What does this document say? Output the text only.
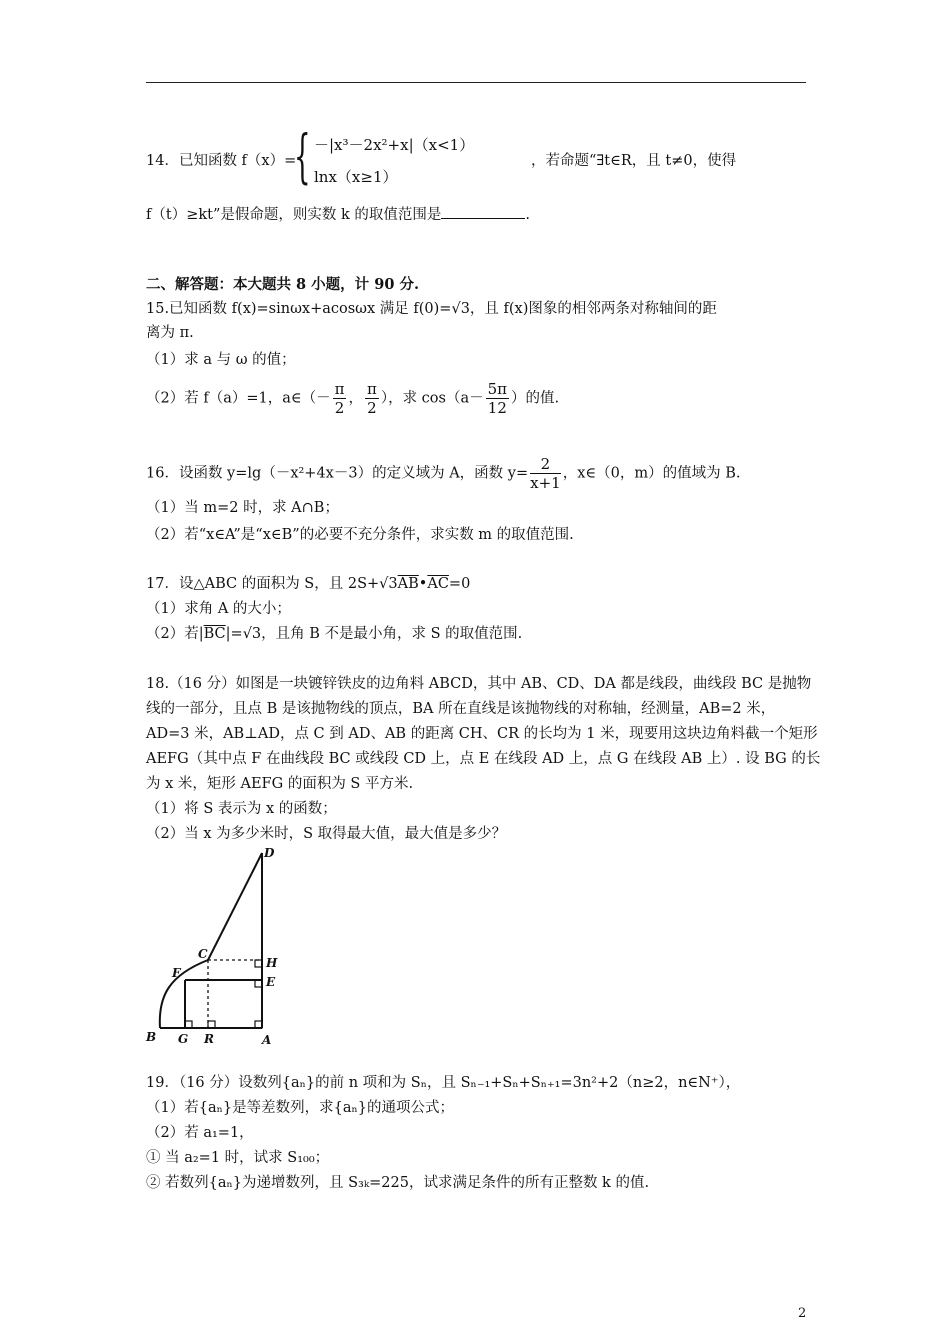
14．已知函数 f（x）=
{ －|x³－2x²+x|（x<1）
lnx（x≥1）
，若命题“∃t∈R，且 t≠0，使得
f（t）≥kt”是假命题，则实数 k 的取值范围是	.
二、解答题：本大题共 8 小题，计 90 分.
15.已知函数 f(x)=sinωx+acosωx 满足 f(0)=√3，且 f(x)图象的相邻两条对称轴间的距
离为 π.
（1）求 a 与 ω 的值；
（2）若 f（a）=1，a∈（－ $\frac{\pi}{2}$ ， $\frac{\pi}{2}$ ），求 $\cos(a- \frac{5\pi}{12}$ ）的值.
16．设函数 y=lg（－x²+4x－3）的定义域为 A，函数 $y= \frac{2}{x+1}$ ，x∈（0，m）的值域为 B.
（1）当 m=2 时，求 A∩B；
（2）若“x∈A”是“x∈B”的必要不充分条件，求实数 m 的取值范围.
17．设△ABC 的面积为 S，且 $2S+√3\overline{AB}•\overline{AC}=0$
（1）求角 A 的大小；
（2）若$|\overline{BC}|=√3$，且角 B 不是最小角，求 S 的取值范围.
18.（16 分）如图是一块镀锌铁皮的边角料 ABCD，其中 AB、CD、DA 都是线段，曲线段 BC 是抛物
线的一部分，且点 B 是该抛物线的顶点，BA 所在直线是该抛物线的对称轴，经测量，AB=2 米，
AD=3 米，AB⊥AD，点 C 到 AD、AB 的距离 CH、CR 的长均为 1 米，现要用这块边角料截一个矩形
AEFG（其中点 F 在曲线段 BC 或线段 CD 上，点 E 在线段 AD 上，点 G 在线段 AB 上）. 设 BG 的长
为 x 米，矩形 AEFG 的面积为 S 平方米.
（1）将 S 表示为 x 的函数；
（2）当 x 为多少米时，S 取得最大值，最大值是多少？
D
C
H
F
E
B G R	A
19．（16 分）设数列{aₙ}的前 n 项和为 Sₙ，且 Sₙ₋₁+Sₙ+Sₙ₊₁=3n²+2（n≥2，n∈N⁺），
（1）若{aₙ}是等差数列，求{aₙ}的通项公式；
（2）若 a₁=1，
① 当 a₂=1 时，试求 S₁₀₀；
② 若数列{aₙ}为递增数列，且 S₃ₖ=225，试求满足条件的所有正整数 k 的值.
2
